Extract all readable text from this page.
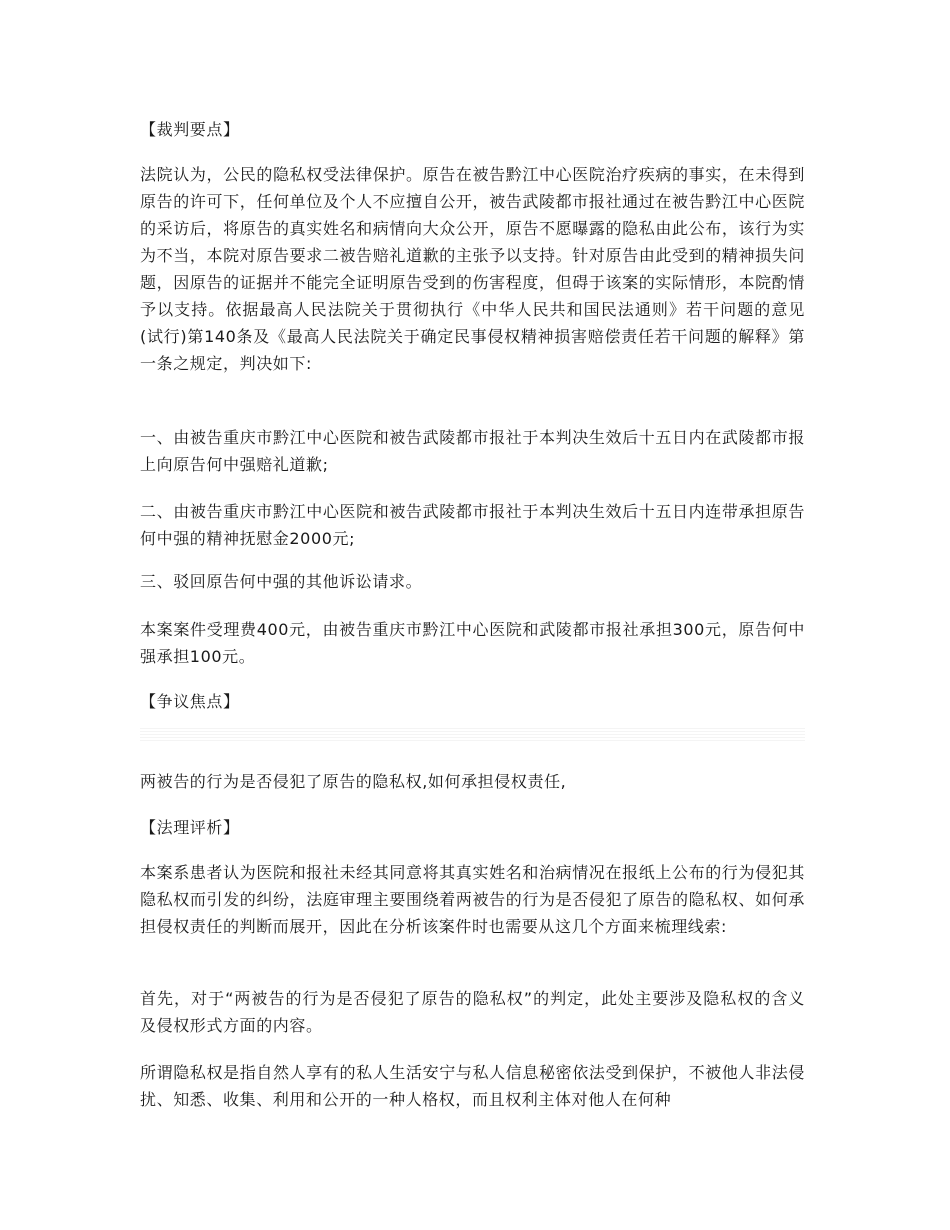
【裁判要点】

法院认为，公民的隐私权受法律保护。原告在被告黔江中心医院治疗疾病的事实，在未得到原告的许可下，任何单位及个人不应擅自公开，被告武陵都市报社通过在被告黔江中心医院的采访后，将原告的真实姓名和病情向大众公开，原告不愿曝露的隐私由此公布，该行为实为不当，本院对原告要求二被告赔礼道歉的主张予以支持。针对原告由此受到的精神损失问题，因原告的证据并不能完全证明原告受到的伤害程度，但碍于该案的实际情形，本院酌情予以支持。依据最高人民法院关于贯彻执行《中华人民共和国民法通则》若干问题的意见(试行)第140条及《最高人民法院关于确定民事侵权精神损害赔偿责任若干问题的解释》第一条之规定，判决如下:

一、由被告重庆市黔江中心医院和被告武陵都市报社于本判决生效后十五日内在武陵都市报上向原告何中强赔礼道歉;

二、由被告重庆市黔江中心医院和被告武陵都市报社于本判决生效后十五日内连带承担原告何中强的精神抚慰金2000元;

三、驳回原告何中强的其他诉讼请求。

本案案件受理费400元，由被告重庆市黔江中心医院和武陵都市报社承担300元，原告何中强承担100元。

【争议焦点】

两被告的行为是否侵犯了原告的隐私权,如何承担侵权责任,

【法理评析】

本案系患者认为医院和报社未经其同意将其真实姓名和治病情况在报纸上公布的行为侵犯其隐私权而引发的纠纷，法庭审理主要围绕着两被告的行为是否侵犯了原告的隐私权、如何承担侵权责任的判断而展开，因此在分析该案件时也需要从这几个方面来梳理线索:

首先，对于“两被告的行为是否侵犯了原告的隐私权”的判定，此处主要涉及隐私权的含义及侵权形式方面的内容。

所谓隐私权是指自然人享有的私人生活安宁与私人信息秘密依法受到保护，不被他人非法侵扰、知悉、收集、利用和公开的一种人格权，而且权利主体对他人在何种
